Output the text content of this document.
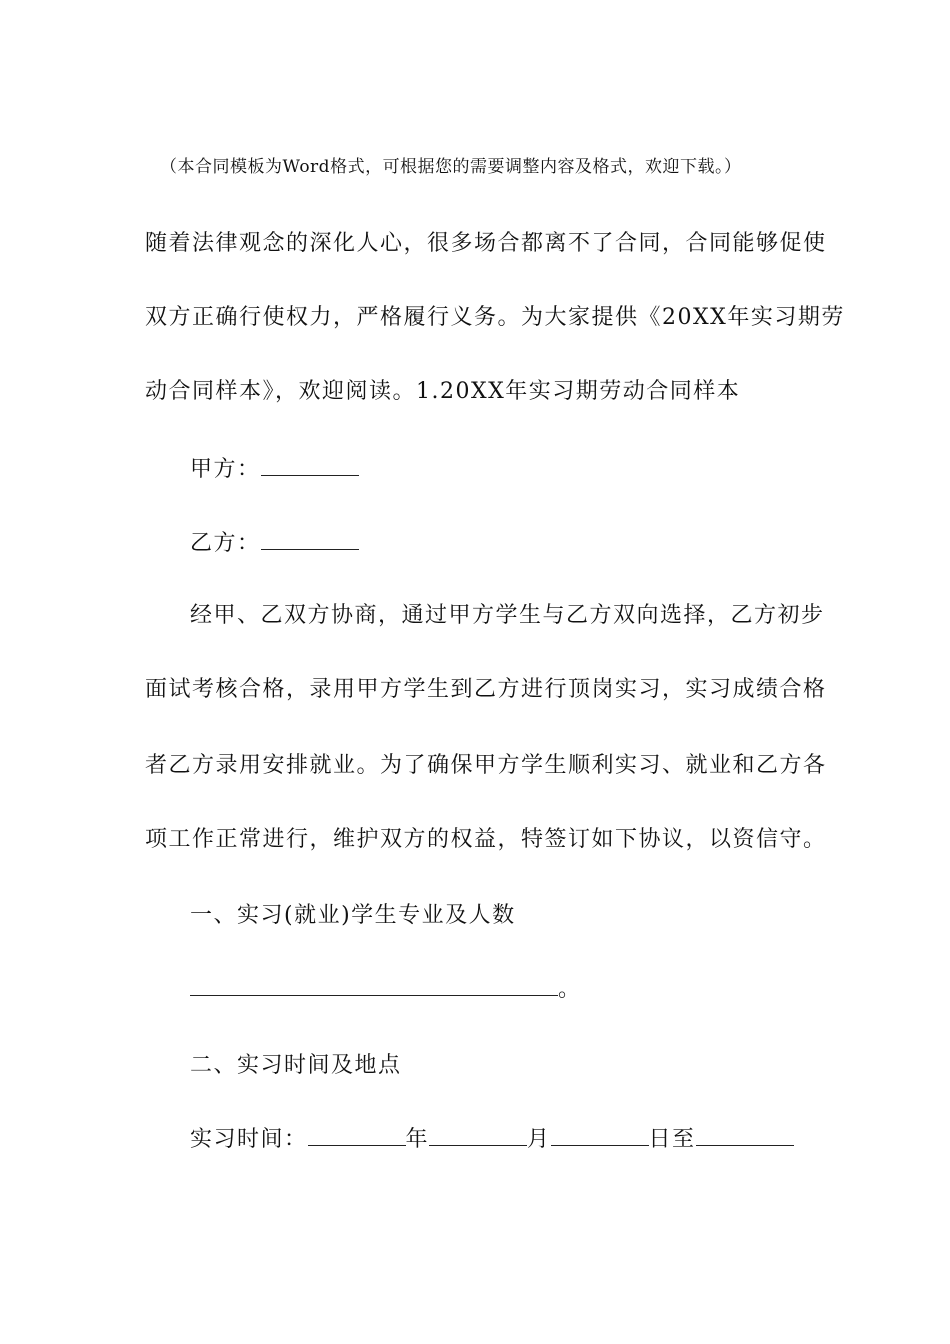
（本合同模板为Word格式，可根据您的需要调整内容及格式，欢迎下载。）
随着法律观念的深化人心，很多场合都离不了合同，合同能够促使
双方正确行使权力，严格履行义务。为大家提供《20XX年实习期劳
动合同样本》，欢迎阅读。1.20XX年实习期劳动合同样本
甲方：
乙方：
经甲、乙双方协商，通过甲方学生与乙方双向选择，乙方初步
面试考核合格，录用甲方学生到乙方进行顶岗实习，实习成绩合格
者乙方录用安排就业。为了确保甲方学生顺利实习、就业和乙方各
项工作正常进行，维护双方的权益，特签订如下协议，以资信守。
一、实习(就业)学生专业及人数
。
二、实习时间及地点
实习时间：	年	月	日至
